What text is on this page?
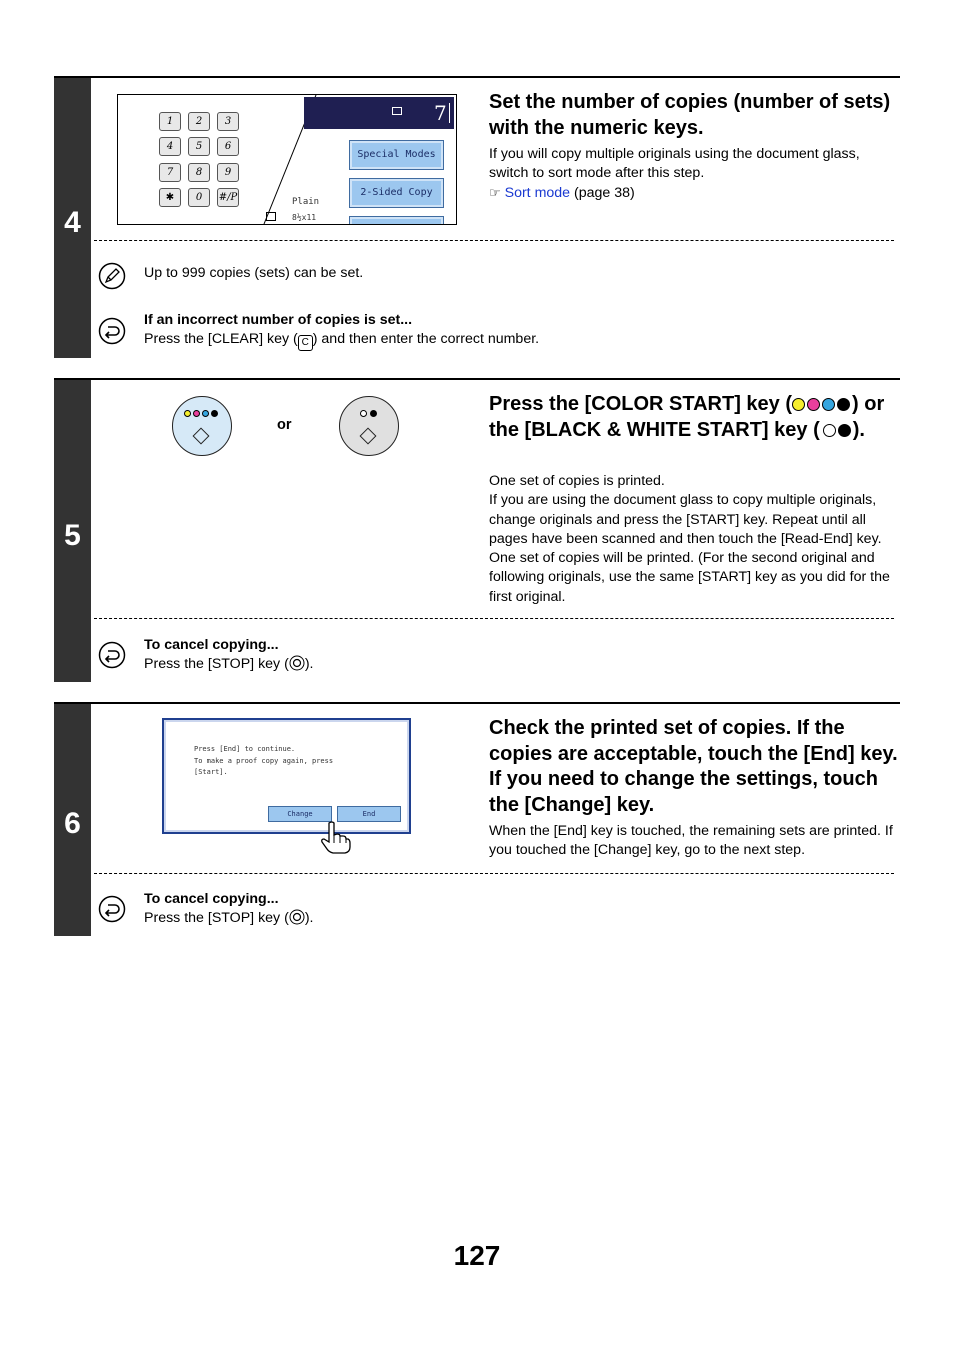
4
1	2	3
4	5	6
7	8	9
✱	0	#/P
7
Special Modes
2-Sided Copy
Plain
8½x11
Set the number of copies (number of sets) with the numeric keys.
If you will copy multiple originals using the document glass, switch to sort mode after this step.
☞ Sort mode (page 38)
Up to 999 copies (sets) can be set.
If an incorrect number of copies is set...
Press the [CLEAR] key ( C ) and then enter the correct number.
5
or
Press the [COLOR START] key (	) or the [BLACK & WHITE START] key ( ).
One set of copies is printed.
If you are using the document glass to copy multiple originals, change originals and press the [START] key. Repeat until all pages have been scanned and then touch the [Read-End] key. One set of copies will be printed. (For the second original and following originals, use the same [START] key as you did for the first original.
To cancel copying...
Press the [STOP] key ( ).
6
Press [End] to continue.
To make a proof copy again, press
[Start].
Change	End
Check the printed set of copies. If the copies are acceptable, touch the [End] key. If you need to change the settings, touch the [Change] key.
When the [End] key is touched, the remaining sets are printed. If you touched the [Change] key, go to the next step.
To cancel copying...
Press the [STOP] key ( ).
127
